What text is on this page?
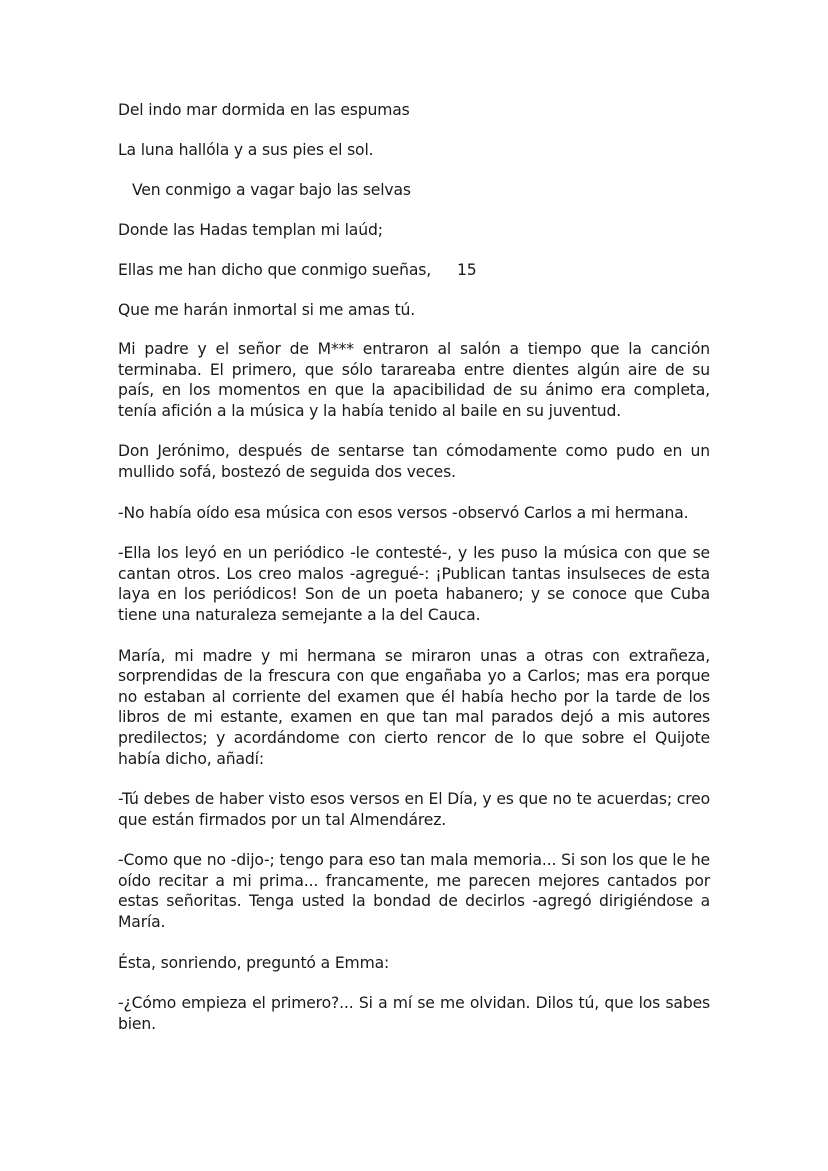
Del indo mar dormida en las espumas

La luna hallóla y a sus pies el sol.

Ven conmigo a vagar bajo las selvas

Donde las Hadas templan mi laúd;

Ellas me han dicho que conmigo sueñas, 15

Que me harán inmortal si me amas tú.

Mi padre y el señor de M*** entraron al salón a tiempo que la canción terminaba. El primero, que sólo tarareaba entre dientes algún aire de su país, en los momentos en que la apacibilidad de su ánimo era completa, tenía afición a la música y la había tenido al baile en su juventud.

Don Jerónimo, después de sentarse tan cómodamente como pudo en un mullido sofá, bostezó de seguida dos veces.

-No había oído esa música con esos versos -observó Carlos a mi hermana.

-Ella los leyó en un periódico -le contesté-, y les puso la música con que se cantan otros. Los creo malos -agregué-: ¡Publican tantas insulseces de esta laya en los periódicos! Son de un poeta habanero; y se conoce que Cuba tiene una naturaleza semejante a la del Cauca.

María, mi madre y mi hermana se miraron unas a otras con extrañeza, sorprendidas de la frescura con que engañaba yo a Carlos; mas era porque no estaban al corriente del examen que él había hecho por la tarde de los libros de mi estante, examen en que tan mal parados dejó a mis autores predilectos; y acordándome con cierto rencor de lo que sobre el Quijote había dicho, añadí:

-Tú debes de haber visto esos versos en El Día, y es que no te acuerdas; creo que están firmados por un tal Almendárez.

-Como que no -dijo-; tengo para eso tan mala memoria... Si son los que le he oído recitar a mi prima... francamente, me parecen mejores cantados por estas señoritas. Tenga usted la bondad de decirlos -agregó dirigiéndose a María.

Ésta, sonriendo, preguntó a Emma:

-¿Cómo empieza el primero?... Si a mí se me olvidan. Dilos tú, que los sabes bien.
